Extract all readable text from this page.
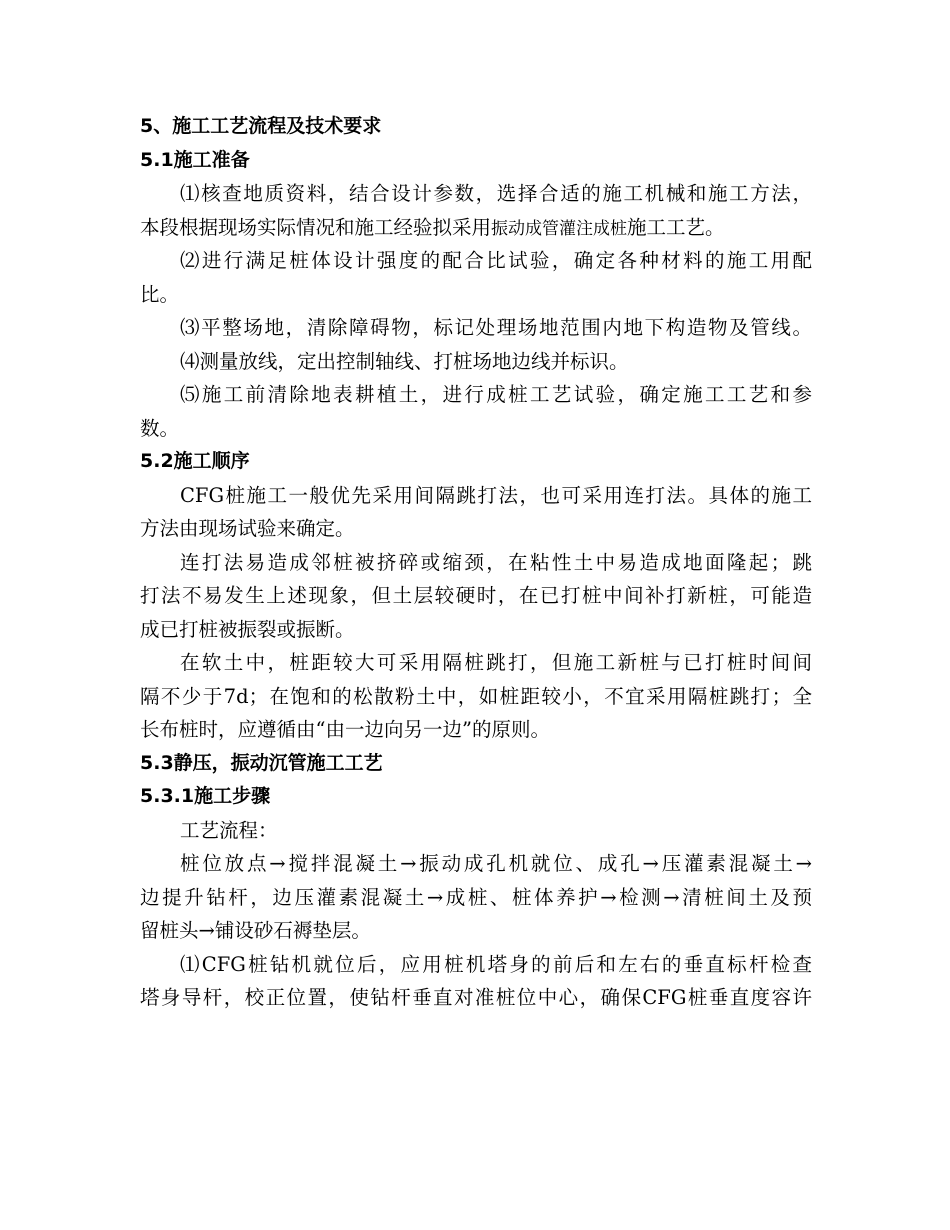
5、施工工艺流程及技术要求
5.1施工准备
⑴核查地质资料，结合设计参数，选择合适的施工机械和施工方法，
本段根据现场实际情况和施工经验拟采用振动成管灌注成桩施工工艺。
⑵进行满足桩体设计强度的配合比试验，确定各种材料的施工用配
比。
⑶平整场地，清除障碍物，标记处理场地范围内地下构造物及管线。
⑷测量放线，定出控制轴线、打桩场地边线并标识。
⑸施工前清除地表耕植土，进行成桩工艺试验，确定施工工艺和参
数。
5.2施工顺序
CFG桩施工一般优先采用间隔跳打法，也可采用连打法。具体的施工
方法由现场试验来确定。
连打法易造成邻桩被挤碎或缩颈，在粘性土中易造成地面隆起；跳
打法不易发生上述现象，但土层较硬时，在已打桩中间补打新桩，可能造
成已打桩被振裂或振断。
在软土中，桩距较大可采用隔桩跳打，但施工新桩与已打桩时间间
隔不少于7d；在饱和的松散粉土中，如桩距较小，不宜采用隔桩跳打；全
长布桩时，应遵循由“由一边向另一边”的原则。
5.3静压，振动沉管施工工艺
5.3.1施工步骤
工艺流程：
桩位放点→搅拌混凝土→振动成孔机就位、成孔→压灌素混凝土→
边提升钻杆，边压灌素混凝土→成桩、桩体养护→检测→清桩间土及预
留桩头→铺设砂石褥垫层。
⑴CFG桩钻机就位后，应用桩机塔身的前后和左右的垂直标杆检查
塔身导杆，校正位置，使钻杆垂直对准桩位中心，确保CFG桩垂直度容许
